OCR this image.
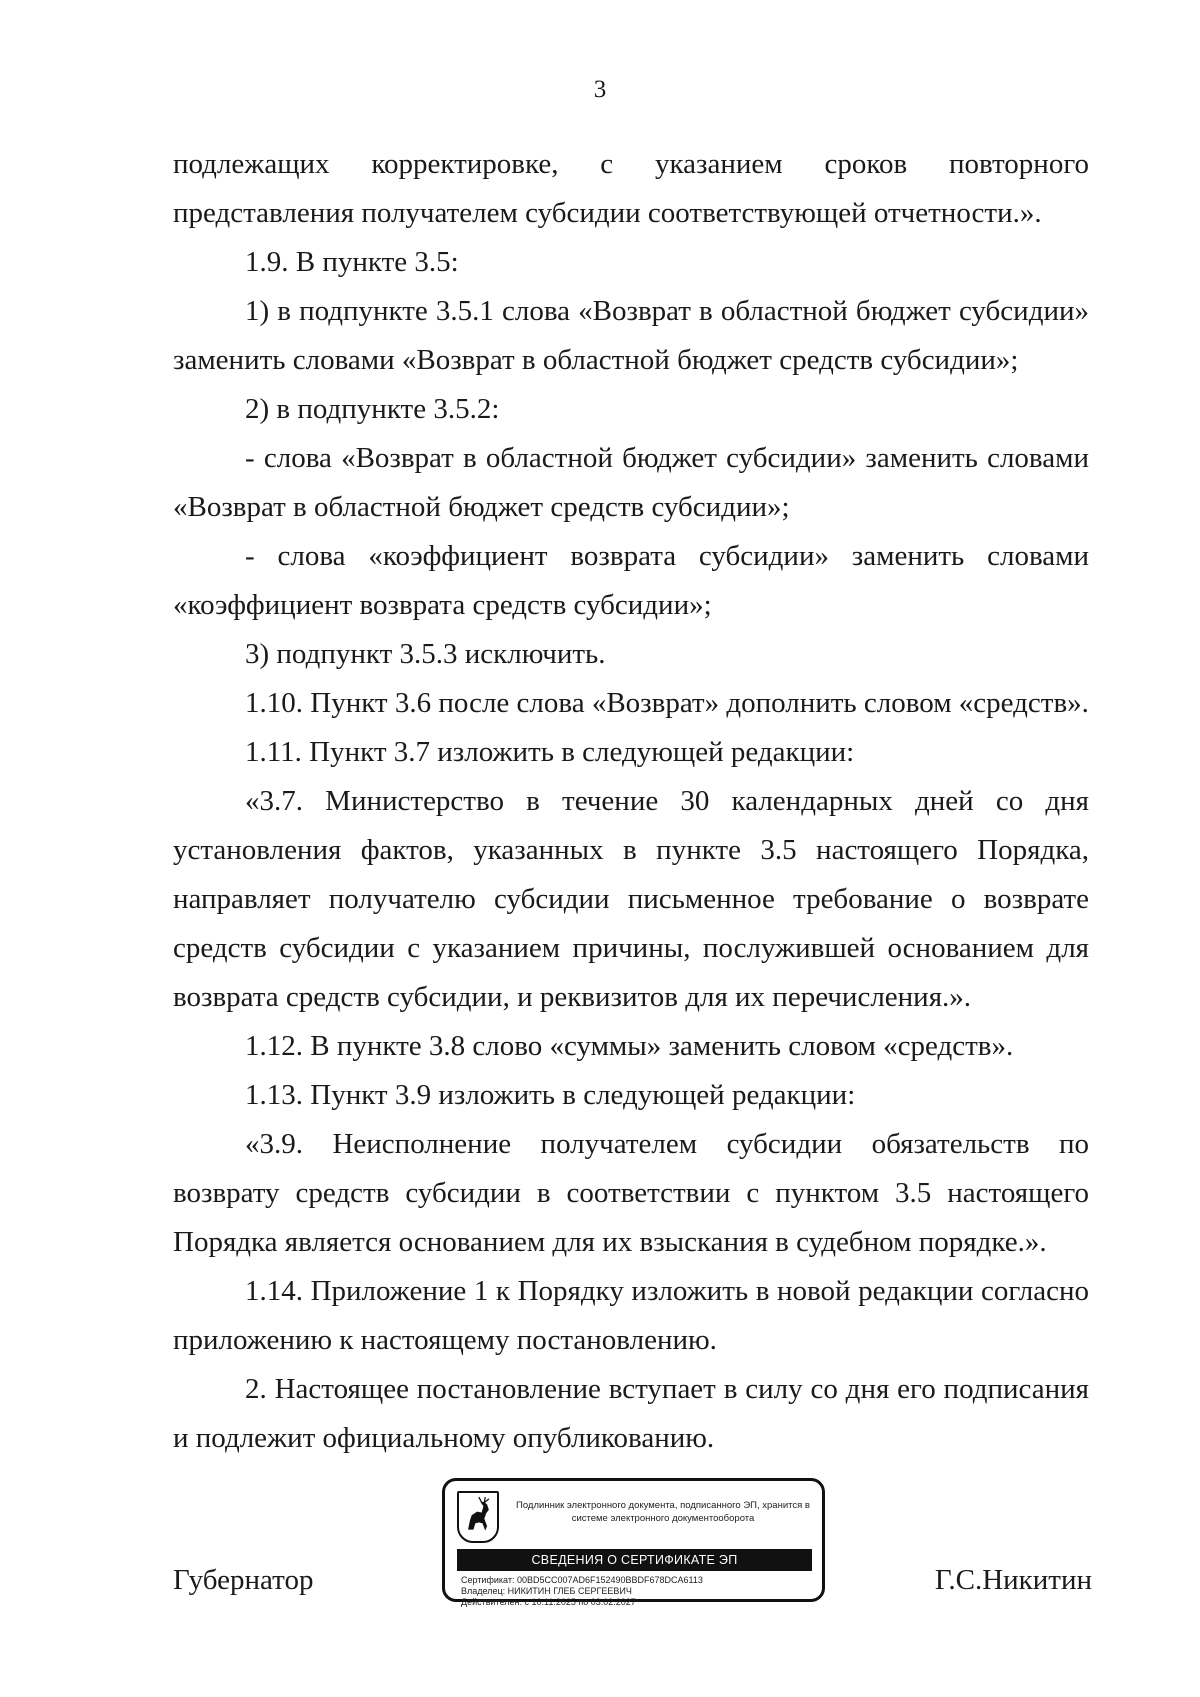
3

подлежащих корректировке, с указанием сроков повторного представления получателем субсидии соответствующей отчетности.».

1.9. В пункте 3.5:

1) в подпункте 3.5.1 слова «Возврат в областной бюджет субсидии» заменить словами «Возврат в областной бюджет средств субсидии»;

2) в подпункте 3.5.2:

- слова «Возврат в областной бюджет субсидии» заменить словами «Возврат в областной бюджет средств субсидии»;

- слова «коэффициент возврата субсидии» заменить словами «коэффициент возврата средств субсидии»;

3) подпункт 3.5.3 исключить.

1.10. Пункт 3.6 после слова «Возврат» дополнить словом «средств».

1.11. Пункт 3.7 изложить в следующей редакции:

«3.7. Министерство в течение 30 календарных дней со дня установления фактов, указанных в пункте 3.5 настоящего Порядка, направляет получателю субсидии письменное требование о возврате средств субсидии с указанием причины, послужившей основанием для возврата средств субсидии, и реквизитов для их перечисления.».

1.12. В пункте 3.8 слово «суммы» заменить словом «средств».

1.13. Пункт 3.9 изложить в следующей редакции:

«3.9. Неисполнение получателем субсидии обязательств по возврату средств субсидии в соответствии с пунктом 3.5 настоящего Порядка является основанием для их взыскания в судебном порядке.».

1.14. Приложение 1 к Порядку изложить в новой редакции согласно приложению к настоящему постановлению.

2. Настоящее постановление вступает в силу со дня его подписания и подлежит официальному опубликованию.

Губернатор
Подлинник электронного документа, подписанного ЭП, хранится в системе электронного документооборота
СВЕДЕНИЯ О СЕРТИФИКАТЕ ЭП
Сертификат: 00BD5CC007AD6F152490BBDF678DCA6113
Владелец: НИКИТИН ГЛЕБ СЕРГЕЕВИЧ
Действителен: с 10.11.2025 по 03.02.2027
Г.С.Никитин
